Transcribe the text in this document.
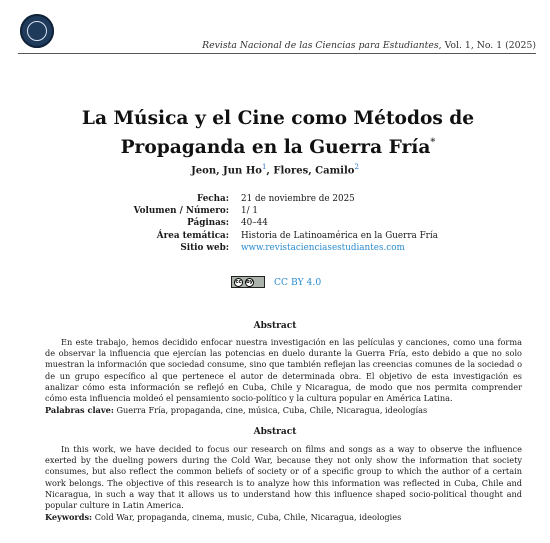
Revista Nacional de las Ciencias para Estudiantes, Vol. 1, No. 1 (2025)
La Música y el Cine como Métodos de Propaganda en la Guerra Fría*
Jeon, Jun Ho$^1$, Flores, Camilo$^2$
Fecha:	21 de noviembre de 2025
Volumen / Número:	1/ 1
Páginas:	40–44
Área temática:	Historia de Latinoamérica en la Guerra Fría
Sitio web:	www.revistacienciasestudiantes.com
cc by CC BY 4.0
Abstract
En este trabajo, hemos decidido enfocar nuestra investigación en las películas y canciones, como una forma de observar la influencia que ejercían las potencias en duelo durante la Guerra Fría, esto debido a que no solo muestran la información que sociedad consume, sino que también reflejan las creencias comunes de la sociedad o de un grupo específico al que pertenece el autor de determinada obra. El objetivo de esta investigación es analizar cómo esta información se reflejó en Cuba, Chile y Nicaragua, de modo que nos permita comprender cómo esta influencia moldeó el pensamiento socio-político y la cultura popular en América Latina.
Palabras clave: Guerra Fría, propaganda, cine, música, Cuba, Chile, Nicaragua, ideologías
Abstract
In this work, we have decided to focus our research on films and songs as a way to observe the influence exerted by the dueling powers during the Cold War, because they not only show the information that society consumes, but also reflect the common beliefs of society or of a specific group to which the author of a certain work belongs. The objective of this research is to analyze how this information was reflected in Cuba, Chile and Nicaragua, in such a way that it allows us to understand how this influence shaped socio-political thought and popular culture in Latin America.
Keywords: Cold War, propaganda, cinema, music, Cuba, Chile, Nicaragua, ideologies
